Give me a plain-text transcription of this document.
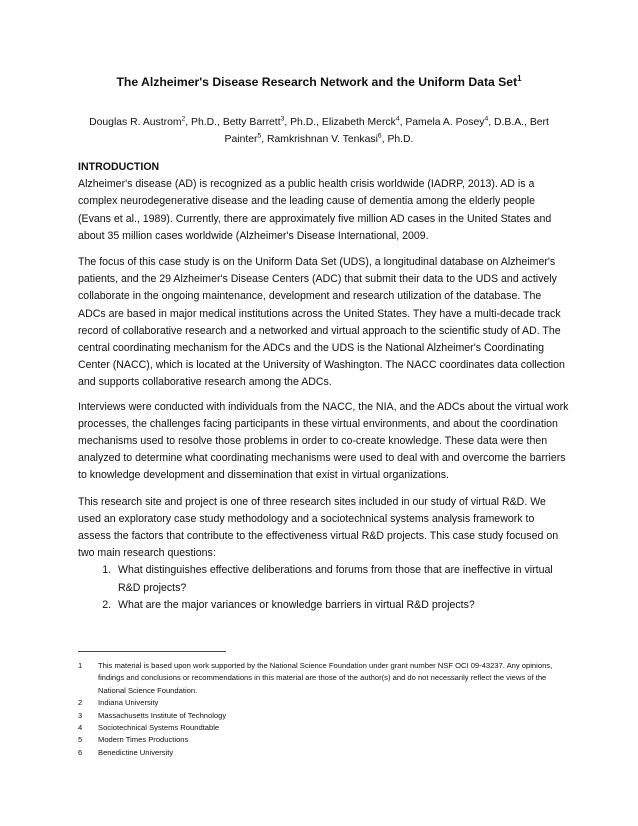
The Alzheimer's Disease Research Network and the Uniform Data Set$^1$
Douglas R. Austrom$^2$, Ph.D., Betty Barrett$^3$, Ph.D., Elizabeth Merck$^4$, Pamela A. Posey$^4$, D.B.A., Bert Painter$^5$, Ramkrishnan V. Tenkasi$^6$, Ph.D.

INTRODUCTION

Alzheimer's disease (AD) is recognized as a public health crisis worldwide (IADRP, 2013). AD is a complex neurodegenerative disease and the leading cause of dementia among the elderly people (Evans et al., 1989). Currently, there are approximately five million AD cases in the United States and about 35 million cases worldwide (Alzheimer's Disease International, 2009.

The focus of this case study is on the Uniform Data Set (UDS), a longitudinal database on Alzheimer's patients, and the 29 Alzheimer's Disease Centers (ADC) that submit their data to the UDS and actively collaborate in the ongoing maintenance, development and research utilization of the database. The ADCs are based in major medical institutions across the United States. They have a multi-decade track record of collaborative research and a networked and virtual approach to the scientific study of AD. The central coordinating mechanism for the ADCs and the UDS is the National Alzheimer's Coordinating Center (NACC), which is located at the University of Washington. The NACC coordinates data collection and supports collaborative research among the ADCs.

Interviews were conducted with individuals from the NACC, the NIA, and the ADCs about the virtual work processes, the challenges facing participants in these virtual environments, and about the coordination mechanisms used to resolve those problems in order to co-create knowledge. These data were then analyzed to determine what coordinating mechanisms were used to deal with and overcome the barriers to knowledge development and dissemination that exist in virtual organizations.

This research site and project is one of three research sites included in our study of virtual R&D. We used an exploratory case study methodology and a sociotechnical systems analysis framework to assess the factors that contribute to the effectiveness virtual R&D projects. This case study focused on two main research questions:

1. What distinguishes effective deliberations and forums from those that are ineffective in virtual R&D projects?
2. What are the major variances or knowledge barriers in virtual R&D projects?
1	This material is based upon work supported by the National Science Foundation under grant number NSF OCI 09-43237. Any opinions, findings and conclusions or recommendations in this material are those of the author(s) and do not necessarily reflect the views of the National Science Foundation.
2	Indiana University
3	Massachusetts Institute of Technology
4	Sociotechnical Systems Roundtable
5	Modern Times Productions
6	Benedictine University
